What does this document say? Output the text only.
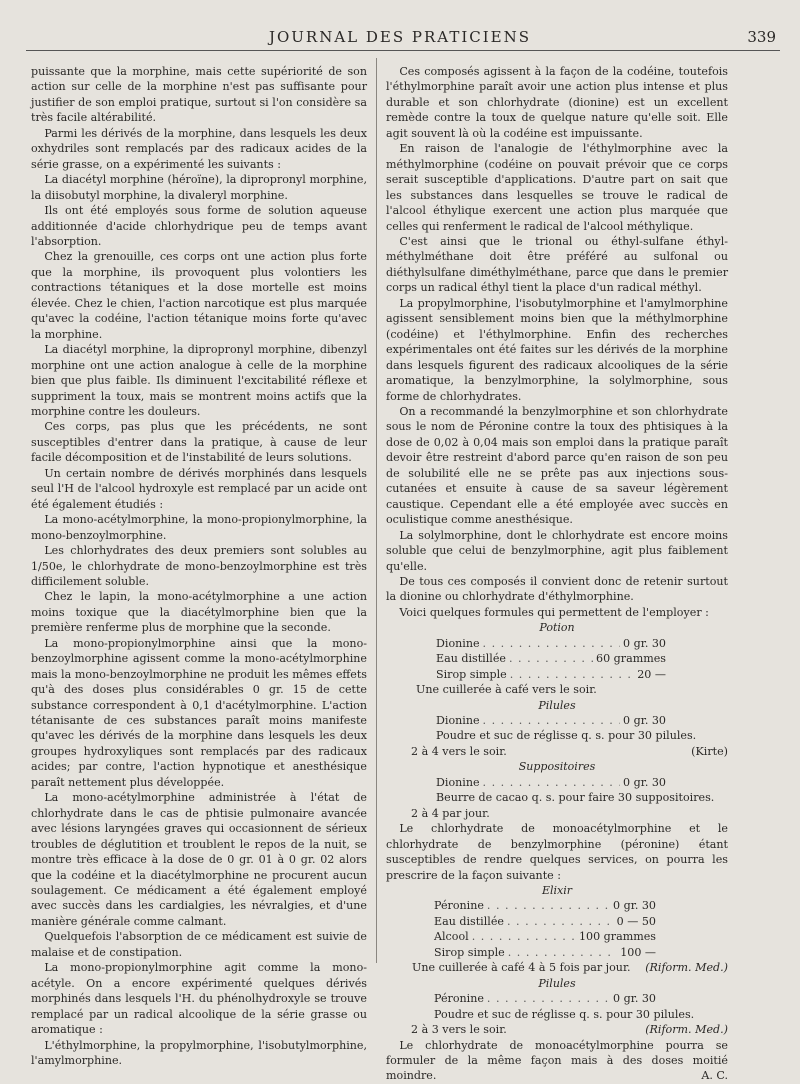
JOURNAL DES PRATICIENS	339

puissante que la morphine, mais cette supériorité de son action sur celle de la morphine n'est pas suffisante pour justifier de son emploi pratique, surtout si l'on considère sa très facile altérabilité.

Parmi les dérivés de la morphine, dans lesquels les deux oxhydriles sont remplacés par des radicaux acides de la série grasse, on a expérimenté les suivants :

La diacétyl morphine (héroïne), la dipropronyl morphine, la diisobutyl morphine, la divaleryl morphine.

Ils ont été employés sous forme de solution aqueuse additionnée d'acide chlorhydrique peu de temps avant l'absorption.

Chez la grenouille, ces corps ont une action plus forte que la morphine, ils provoquent plus volontiers les contractions tétaniques et la dose mortelle est moins élevée. Chez le chien, l'action narcotique est plus marquée qu'avec la codéine, l'action tétanique moins forte qu'avec la morphine.

La diacétyl morphine, la dipropronyl morphine, dibenzyl morphine ont une action analogue à celle de la morphine bien que plus faible. Ils diminuent l'excitabilité réflexe et suppriment la toux, mais se montrent moins actifs que la morphine contre les douleurs.

Ces corps, pas plus que les précédents, ne sont susceptibles d'entrer dans la pratique, à cause de leur facile décomposition et de l'instabilité de leurs solutions.

Un certain nombre de dérivés morphinés dans lesquels seul l'H de l'alcool hydroxyle est remplacé par un acide ont été également étudiés :

La mono-acétylmorphine, la mono-propionylmorphine, la mono-benzoylmorphine.

Les chlorhydrates des deux premiers sont solubles au 1/50e, le chlorhydrate de mono-benzoylmorphine est très difficilement soluble.

Chez le lapin, la mono-acétylmorphine a une action moins toxique que la diacétylmorphine bien que la première renferme plus de morphine que la seconde.

La mono-propionylmorphine ainsi que la mono-benzoylmorphine agissent comme la mono-acétylmorphine mais la mono-benzoylmorphine ne produit les mêmes effets qu'à des doses plus considérables 0 gr. 15 de cette substance correspondent à 0,1 d'acétylmorphine. L'action tétanisante de ces substances paraît moins manifeste qu'avec les dérivés de la morphine dans lesquels les deux groupes hydroxyliques sont remplacés par des radicaux acides; par contre, l'action hypnotique et anesthésique paraît nettement plus développée.

La mono-acétylmorphine administrée à l'état de chlorhydrate dans le cas de phtisie pulmonaire avancée avec lésions laryngées graves qui occasionnent de sérieux troubles de déglutition et troublent le repos de la nuit, se montre très efficace à la dose de 0 gr. 01 à 0 gr. 02 alors que la codéine et la diacétylmorphine ne procurent aucun soulagement. Ce médicament a été également employé avec succès dans les cardialgies, les névralgies, et d'une manière générale comme calmant.

Quelquefois l'absorption de ce médicament est suivie de malaise et de constipation.

La mono-propionylmorphine agit comme la mono-acétyle. On a encore expérimenté quelques dérivés morphinés dans lesquels l'H. du phénolhydroxyle se trouve remplacé par un radical alcoolique de la série grasse ou aromatique :

L'éthylmorphine, la propylmorphine, l'isobutylmorphine, l'amylmorphine.

Ces composés agissent à la façon de la codéine, toutefois l'éthylmorphine paraît avoir une action plus intense et plus durable et son chlorhydrate (dionine) est un excellent remède contre la toux de quelque nature qu'elle soit. Elle agit souvent là où la codéine est impuissante.

En raison de l'analogie de l'éthylmorphine avec la méthylmorphine (codéine on pouvait prévoir que ce corps serait susceptible d'applications. D'autre part on sait que les substances dans lesquelles se trouve le radical de l'alcool éthylique exercent une action plus marquée que celles qui renferment le radical de l'alcool méthylique.

C'est ainsi que le trional ou éthyl-sulfane éthyl-méthylméthane doit être préféré au sulfonal ou diéthylsulfane diméthylméthane, parce que dans le premier corps un radical éthyl tient la place d'un radical méthyl.

La propylmorphine, l'isobutylmorphine et l'amylmorphine agissent sensiblement moins bien que la méthylmorphine (codéine) et l'éthylmorphine. Enfin des recherches expérimentales ont été faites sur les dérivés de la morphine dans lesquels figurent des radicaux alcooliques de la série aromatique, la benzylmorphine, la solylmorphine, sous forme de chlorhydrates.

On a recommandé la benzylmorphine et son chlorhydrate sous le nom de Péronine contre la toux des phtisiques à la dose de 0,02 à 0,04 mais son emploi dans la pratique paraît devoir être restreint d'abord parce qu'en raison de son peu de solubilité elle ne se prête pas aux injections sous-cutanées et ensuite à cause de sa saveur légèrement caustique. Cependant elle a été employée avec succès en oculistique comme anesthésique.

La solylmorphine, dont le chlorhydrate est encore moins soluble que celui de benzylmorphine, agit plus faiblement qu'elle.

De tous ces composés il convient donc de retenir surtout la dionine ou chlorhydrate d'éthylmorphine.

Voici quelques formules qui permettent de l'employer :

Potion
Dionine . . .	0 gr. 30
Eau distillée . . .	60 grammes
Sirop simple . . .	20 —
Une cuillerée à café vers le soir.
Pilules
Dionine . . .	0 gr. 30
Poudre et suc de réglisse q. s. pour 30 pilules.
2 à 4 vers le soir.	(Kirte)
Suppositoires
Dionine . . .	0 gr. 30
Beurre de cacao q. s. pour faire 30 suppositoires.
2 à 4 par jour.

Le chlorhydrate de monoacétylmorphine et le chlorhydrate de benzylmorphine (péronine) étant susceptibles de rendre quelques services, on pourra les prescrire de la façon suivante :

Elixir
Péronine . . .	0 gr. 30
Eau distillée . . .	0 — 50
Alcool . . .	100 grammes
Sirop simple . . .	100 —
Une cuillerée à café 4 à 5 fois par jour. (Riform. Med.)
Pilules
Péronine . . .	0 gr. 30
Poudre et suc de réglisse q. s. pour 30 pilules.
2 à 3 vers le soir.	(Riform. Med.)

Le chlorhydrate de monoacétylmorphine pourra se formuler de la même façon mais à des doses moitié moindre.	A. C.
